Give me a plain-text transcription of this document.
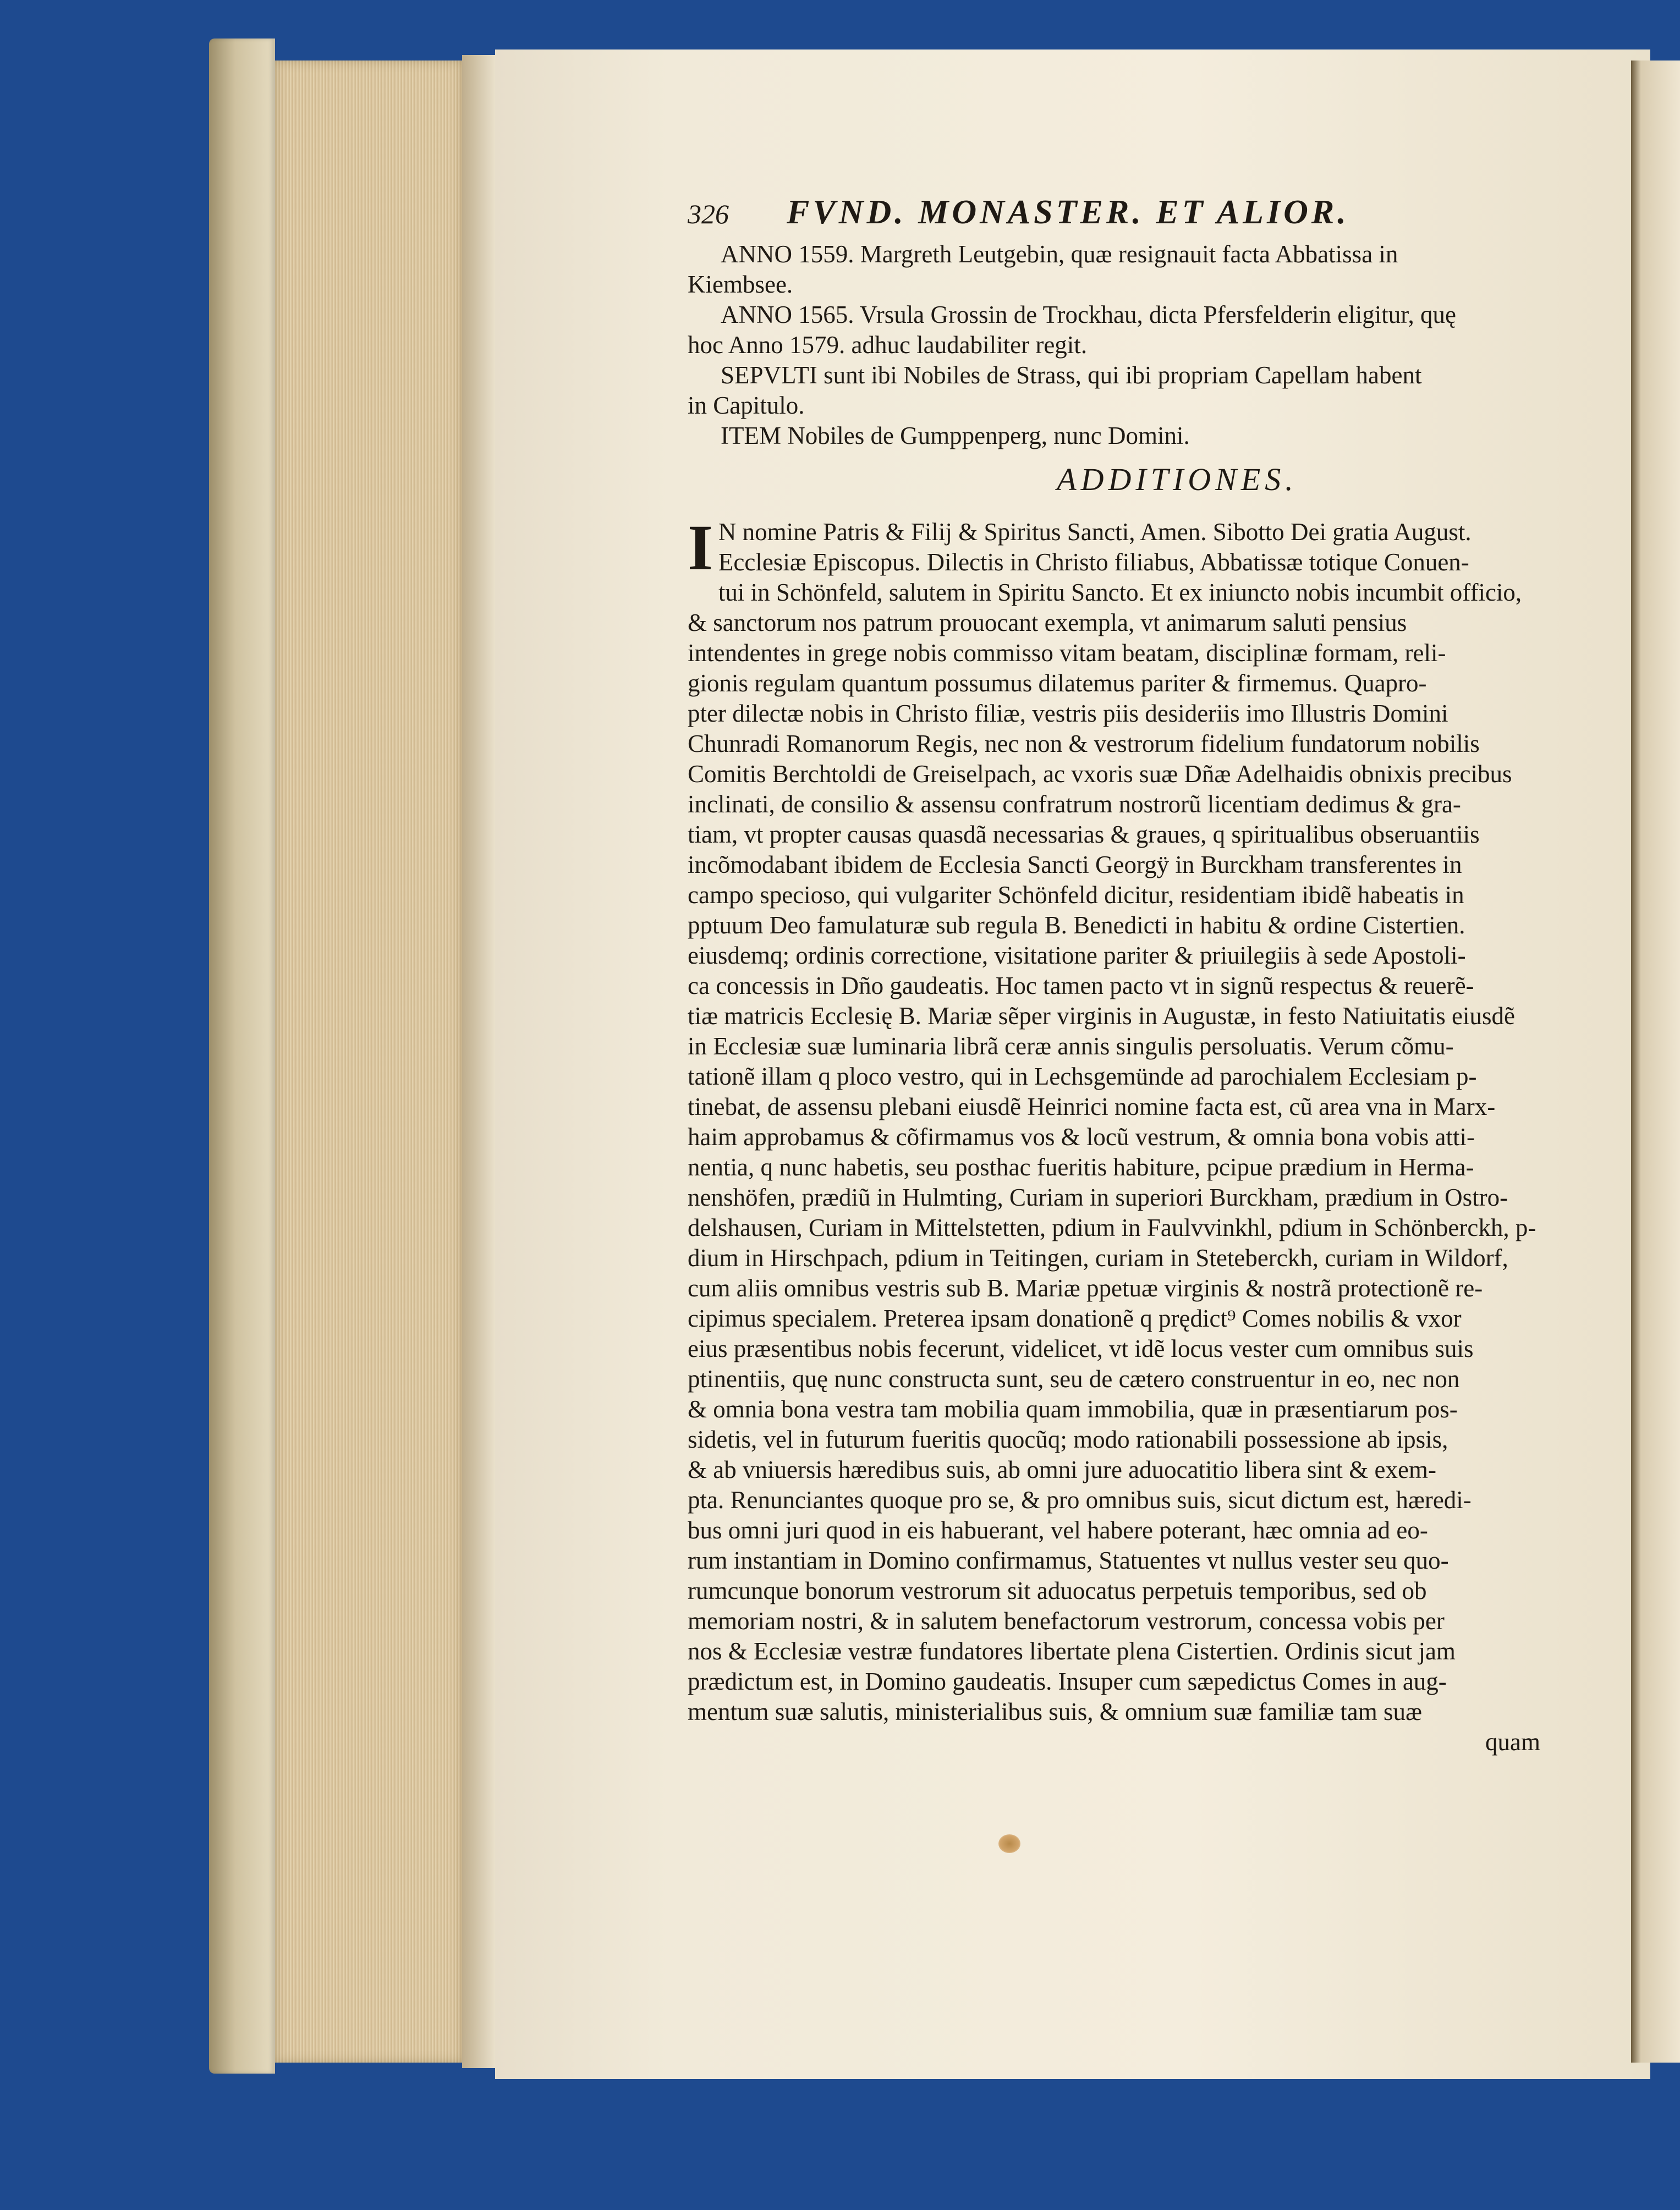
326	FVND. MONASTER. ET ALIOR.
ANNO 1559. Margreth Leutgebin, quæ resignauit facta Abbatissa in
Kiembsee.
ANNO 1565. Vrsula Grossin de Trockhau, dicta Pfersfelderin eligitur, quę
hoc Anno 1579. adhuc laudabiliter regit.
SEPVLTI sunt ibi Nobiles de Strass, qui ibi propriam Capellam habent
in Capitulo.
ITEM Nobiles de Gumppenperg, nunc Domini.
ADDITIONES.
I N nomine Patris & Filij & Spiritus Sancti, Amen. Sibotto Dei gratia August.
Ecclesiæ Episcopus. Dilectis in Christo filiabus, Abbatissæ totique Conuen-
tui in Schönfeld, salutem in Spiritu Sancto. Et ex iniuncto nobis incumbit officio,
& sanctorum nos patrum prouocant exempla, vt animarum saluti pensius
intendentes in grege nobis commisso vitam beatam, disciplinæ formam, reli-
gionis regulam quantum possumus dilatemus pariter & firmemus. Quapro-
pter dilectæ nobis in Christo filiæ, vestris piis desideriis imo Illustris Domini
Chunradi Romanorum Regis, nec non & vestrorum fidelium fundatorum nobilis
Comitis Berchtoldi de Greiselpach, ac vxoris suæ Dñæ Adelhaidis obnixis precibus
inclinati, de consilio & assensu confratrum nostrorũ licentiam dedimus & gra-
tiam, vt propter causas quasdã necessarias & graues, q spiritualibus obseruantiis
incõmodabant ibidem de Ecclesia Sancti Georgÿ in Burckham transferentes in
campo specioso, qui vulgariter Schönfeld dicitur, residentiam ibidẽ habeatis in
pptuum Deo famulaturæ sub regula B. Benedicti in habitu & ordine Cistertien.
eiusdemq; ordinis correctione, visitatione pariter & priuilegiis à sede Apostoli-
ca concessis in Dño gaudeatis. Hoc tamen pacto vt in signũ respectus & reuerẽ-
tiæ matricis Ecclesię B. Mariæ sẽper virginis in Augustæ, in festo Natiuitatis eiusdẽ
in Ecclesiæ suæ luminaria librã ceræ annis singulis persoluatis. Verum cõmu-
tationẽ illam q ploco vestro, qui in Lechsgemünde ad parochialem Ecclesiam p-
tinebat, de assensu plebani eiusdẽ Heinrici nomine facta est, cũ area vna in Marx-
haim approbamus & cõfirmamus vos & locũ vestrum, & omnia bona vobis atti-
nentia, q nunc habetis, seu posthac fueritis habiture, pcipue prædium in Herma-
nenshöfen, prædiũ in Hulmting, Curiam in superiori Burckham, prædium in Ostro-
delshausen, Curiam in Mittelstetten, pdium in Faulvvinkhl, pdium in Schönberckh, p-
dium in Hirschpach, pdium in Teitingen, curiam in Steteberckh, curiam in Wildorf,
cum aliis omnibus vestris sub B. Mariæ ppetuæ virginis & nostrã protectionẽ re-
cipimus specialem. Preterea ipsam donationẽ q prędict⁹ Comes nobilis & vxor
eius præsentibus nobis fecerunt, videlicet, vt idẽ locus vester cum omnibus suis
ptinentiis, quę nunc constructa sunt, seu de cætero construentur in eo, nec non
& omnia bona vestra tam mobilia quam immobilia, quæ in præsentiarum pos-
sidetis, vel in futurum fueritis quocũq; modo rationabili possessione ab ipsis,
& ab vniuersis hæredibus suis, ab omni jure aduocatitio libera sint & exem-
pta. Renunciantes quoque pro se, & pro omnibus suis, sicut dictum est, hæredi-
bus omni juri quod in eis habuerant, vel habere poterant, hæc omnia ad eo-
rum instantiam in Domino confirmamus, Statuentes vt nullus vester seu quo-
rumcunque bonorum vestrorum sit aduocatus perpetuis temporibus, sed ob
memoriam nostri, & in salutem benefactorum vestrorum, concessa vobis per
nos & Ecclesiæ vestræ fundatores libertate plena Cistertien. Ordinis sicut jam
prædictum est, in Domino gaudeatis. Insuper cum sæpedictus Comes in aug-
mentum suæ salutis, ministerialibus suis, & omnium suæ familiæ tam suæ
quam
